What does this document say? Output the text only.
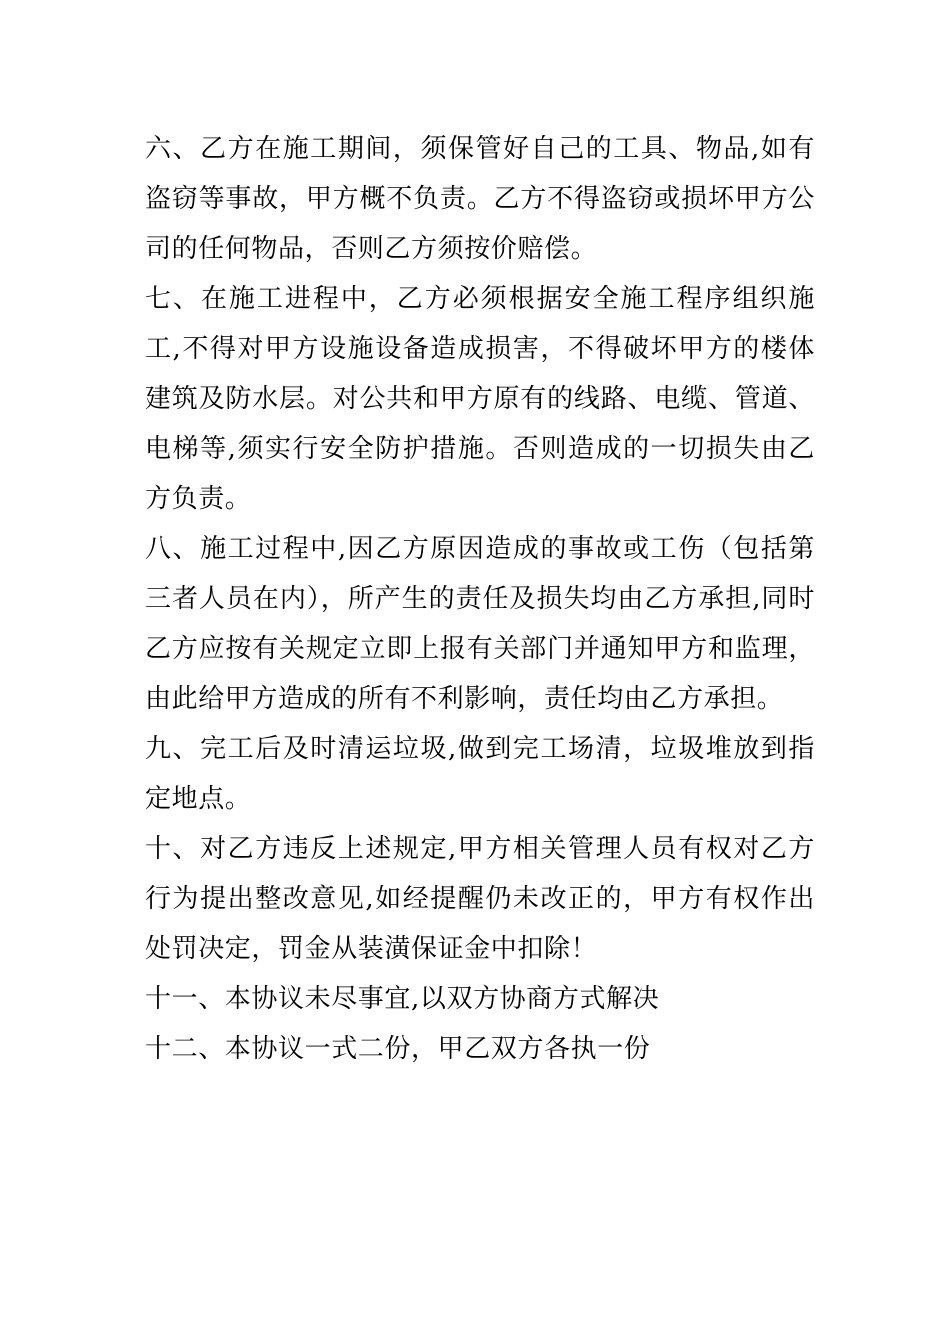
六、乙方在施工期间，须保管好自己的工具、物品,如有盗窃等事故，甲方概不负责。乙方不得盗窃或损坏甲方公司的任何物品，否则乙方须按价赔偿。

七、在施工进程中，乙方必须根据安全施工程序组织施工,不得对甲方设施设备造成损害，不得破坏甲方的楼体建筑及防水层。对公共和甲方原有的线路、电缆、管道、电梯等,须实行安全防护措施。否则造成的一切损失由乙方负责。

八、施工过程中,因乙方原因造成的事故或工伤（包括第三者人员在内），所产生的责任及损失均由乙方承担,同时乙方应按有关规定立即上报有关部门并通知甲方和监理，由此给甲方造成的所有不利影响，责任均由乙方承担。

九、完工后及时清运垃圾,做到完工场清，垃圾堆放到指定地点。

十、对乙方违反上述规定,甲方相关管理人员有权对乙方行为提出整改意见,如经提醒仍未改正的，甲方有权作出处罚决定，罚金从装潢保证金中扣除！

十一、本协议未尽事宜,以双方协商方式解决

十二、本协议一式二份，甲乙双方各执一份
